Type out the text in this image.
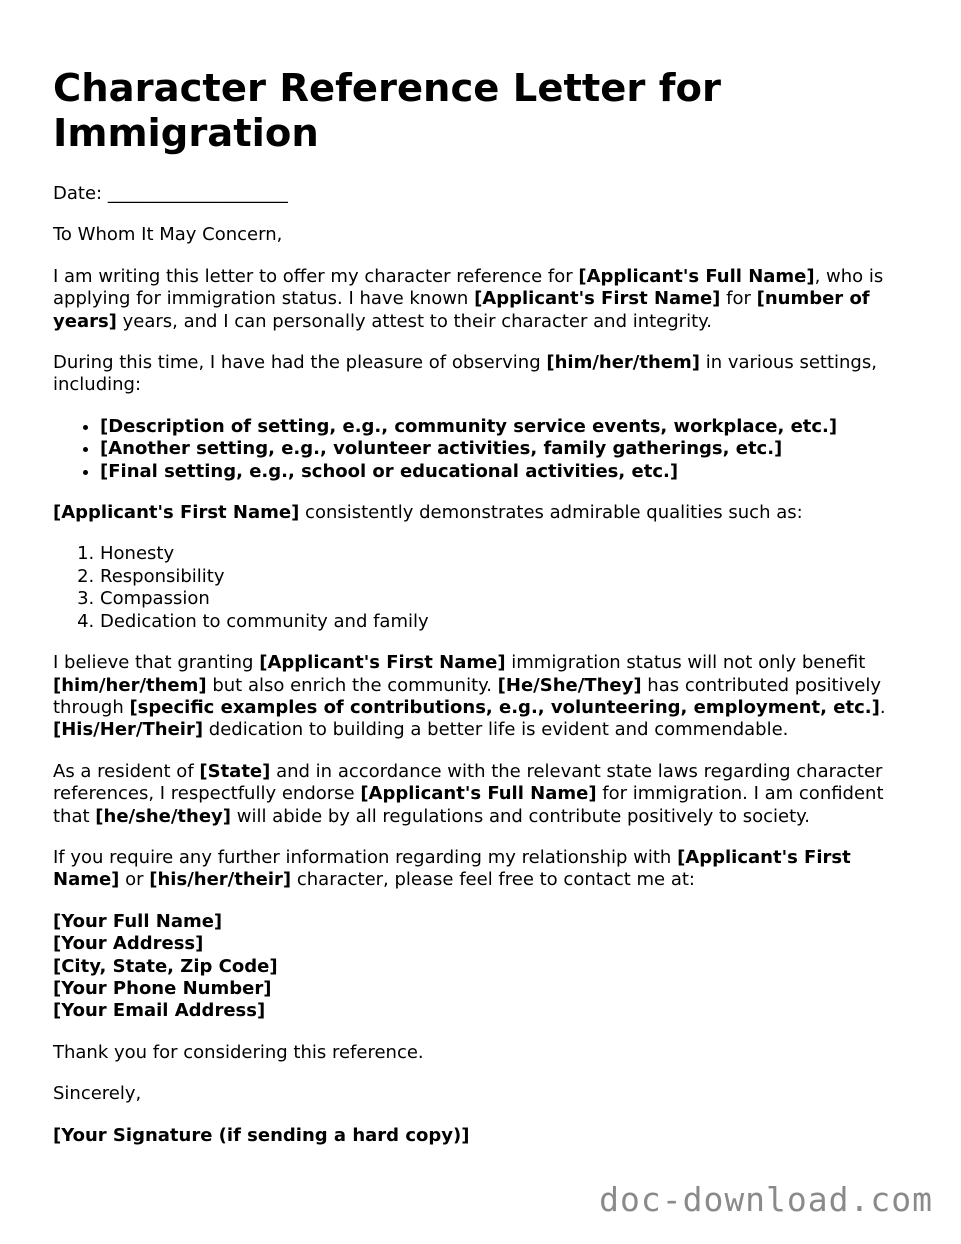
Character Reference Letter for Immigration

Date: ____________________

To Whom It May Concern,

I am writing this letter to offer my character reference for [Applicant's Full Name], who is applying for immigration status. I have known [Applicant's First Name] for [number of years] years, and I can personally attest to their character and integrity.

During this time, I have had the pleasure of observing [him/her/them] in various settings, including:

• [Description of setting, e.g., community service events, workplace, etc.]
• [Another setting, e.g., volunteer activities, family gatherings, etc.]
• [Final setting, e.g., school or educational activities, etc.]

[Applicant's First Name] consistently demonstrates admirable qualities such as:

1. Honesty
2. Responsibility
3. Compassion
4. Dedication to community and family

I believe that granting [Applicant's First Name] immigration status will not only benefit [him/her/them] but also enrich the community. [He/She/They] has contributed positively through [specific examples of contributions, e.g., volunteering, employment, etc.]. [His/Her/Their] dedication to building a better life is evident and commendable.

As a resident of [State] and in accordance with the relevant state laws regarding character references, I respectfully endorse [Applicant's Full Name] for immigration. I am confident that [he/she/they] will abide by all regulations and contribute positively to society.

If you require any further information regarding my relationship with [Applicant's First Name] or [his/her/their] character, please feel free to contact me at:

[Your Full Name]
[Your Address]
[City, State, Zip Code]
[Your Phone Number]
[Your Email Address]

Thank you for considering this reference.

Sincerely,

[Your Signature (if sending a hard copy)]

doc-download.com
